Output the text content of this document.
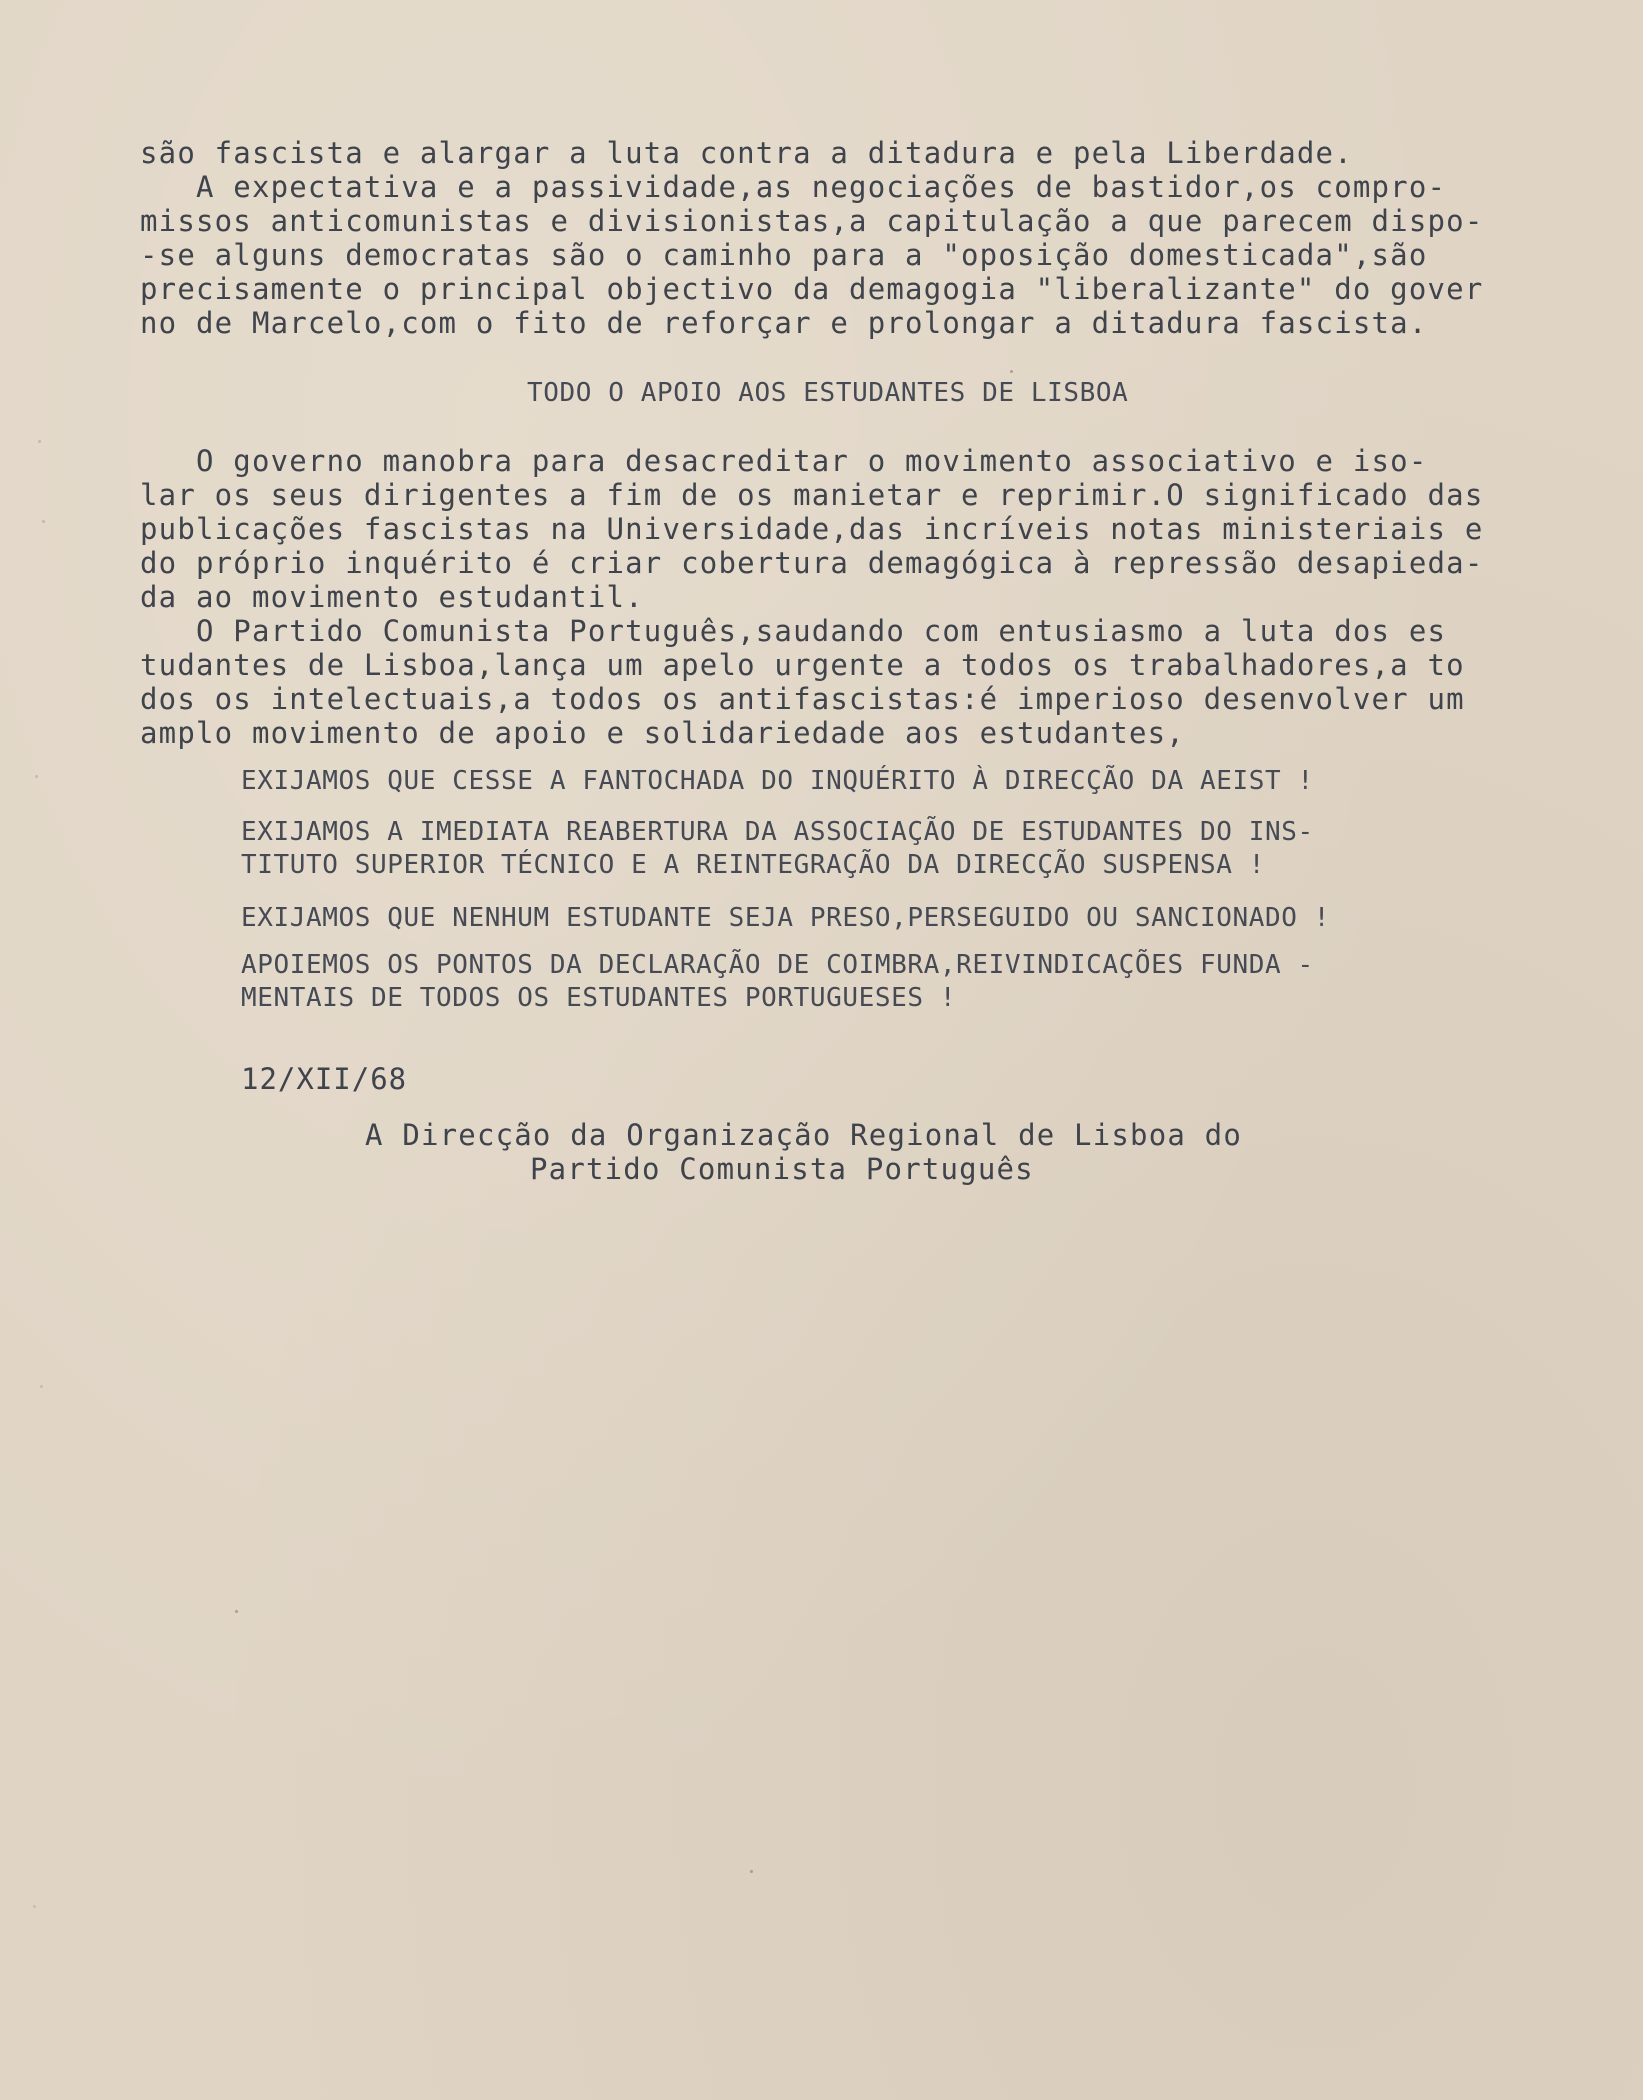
são fascista e alargar a luta contra a ditadura e pela Liberdade.

A expectativa e a passividade,as negociações de bastidor,os compro-

missos anticomunistas e divisionistas,a capitulação a que parecem dispo-

-se alguns democratas são o caminho para a "oposição domesticada",são

precisamente o principal objectivo da demagogia "liberalizante" do gover

no de Marcelo,com o fito de reforçar e prolongar a ditadura fascista.

TODO O APOIO AOS ESTUDANTES DE LISBOA

O governo manobra para desacreditar o movimento associativo e iso-

lar os seus dirigentes a fim de os manietar e reprimir.O significado das

publicações fascistas na Universidade,das incríveis notas ministeriais e

do próprio inquérito é criar cobertura demagógica à repressão desapieda-

da ao movimento estudantil.

O Partido Comunista Português,saudando com entusiasmo a luta dos es

tudantes de Lisboa,lança um apelo urgente a todos os trabalhadores,a to

dos os intelectuais,a todos os antifascistas:é imperioso desenvolver um

amplo movimento de apoio e solidariedade aos estudantes,

EXIJAMOS QUE CESSE A FANTOCHADA DO INQUÉRITO À DIRECÇÃO DA AEIST !

EXIJAMOS A IMEDIATA REABERTURA DA ASSOCIAÇÃO DE ESTUDANTES DO INS-

TITUTO SUPERIOR TÉCNICO E A REINTEGRAÇÃO DA DIRECÇÃO SUSPENSA !

EXIJAMOS QUE NENHUM ESTUDANTE SEJA PRESO,PERSEGUIDO OU SANCIONADO !

APOIEMOS OS PONTOS DA DECLARAÇÃO DE COIMBRA,REIVINDICAÇÕES FUNDA -

MENTAIS DE TODOS OS ESTUDANTES PORTUGUESES !

12/XII/68

A Direcção da Organização Regional de Lisboa do

Partido Comunista Português
